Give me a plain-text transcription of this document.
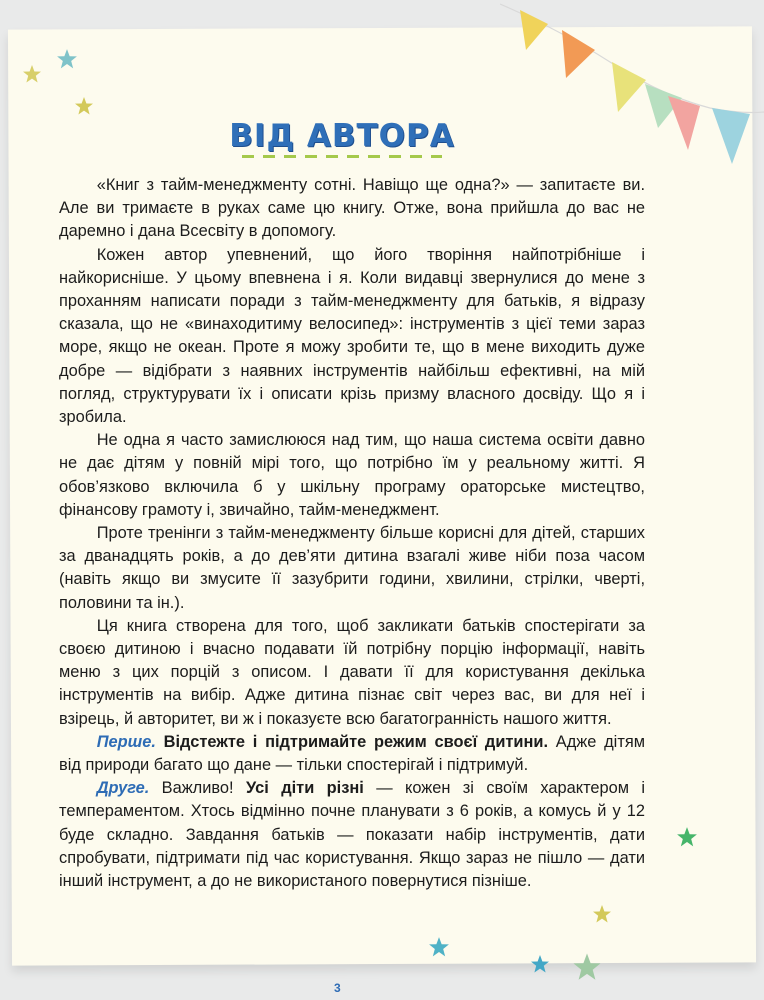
ВІД АВТОРА

«Книг з тайм-менеджменту сотні. Навіщо ще одна?» — запитаєте ви. Але ви тримаєте в руках саме цю книгу. Отже, вона прийшла до вас не даремно і дана Всесвіту в допомогу.

Кожен автор упевнений, що його творіння найпотрібніше і найкорисніше. У цьому впевнена і я. Коли видавці звернулися до мене з проханням написати поради з тайм-менеджменту для батьків, я відразу сказала, що не «винаходитиму велосипед»: інструментів з цієї теми зараз море, якщо не океан. Проте я можу зробити те, що в мене виходить дуже добре — відібрати з наявних інструментів найбільш ефективні, на мій погляд, структурувати їх і описати крізь призму власного досвіду. Що я і зробила.

Не одна я часто замислююся над тим, що наша система освіти давно не дає дітям у повній мірі того, що потрібно їм у реальному житті. Я обов’язково включила б у шкільну програму ораторське мистецтво, фінансову грамоту і, звичайно, тайм-менеджмент.

Проте тренінги з тайм-менеджменту більше корисні для дітей, старших за дванадцять років, а до дев’яти дитина взагалі живе ніби поза часом (навіть якщо ви змусите її зазубрити години, хвилини, стрілки, чверті, половини та ін.).

Ця книга створена для того, щоб закликати батьків спостерігати за своєю дитиною і вчасно подавати їй потрібну порцію інформації, навіть меню з цих порцій з описом. І давати її для користування декілька інструментів на вибір. Адже дитина пізнає світ через вас, ви для неї і взірець, й авторитет, ви ж і показуєте всю багатогранність нашого життя.

Перше. Відстежте і підтримайте режим своєї дитини. Адже дітям від природи багато що дане — тільки спостерігай і підтримуй.

Друге. Важливо! Усі діти різні — кожен зі своїм характером і темпераментом. Хтось відмінно почне планувати з 6 років, а комусь й у 12 буде складно. Завдання батьків — показати набір інструментів, дати спробувати, підтримати під час користування. Якщо зараз не пішло — дати інший інструмент, а до не використаного повернутися пізніше.

3
